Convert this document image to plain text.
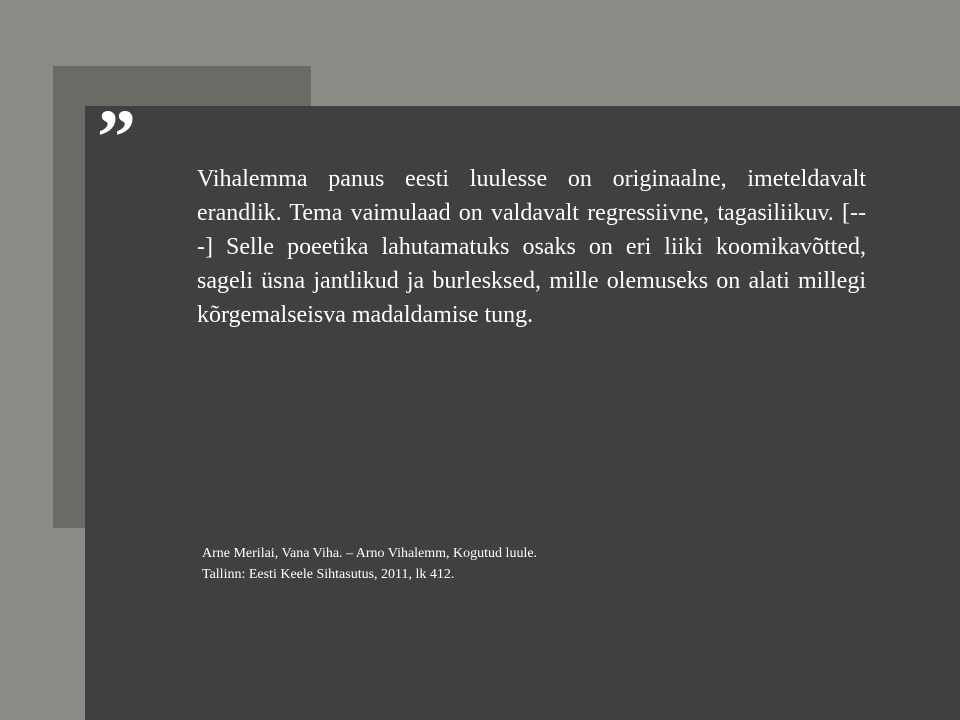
”	Vihalemma panus eesti luulesse on originaalne, imeteldavalt erandlik. Tema vaimulaad on valdavalt regressiivne, tagasiliikuv. [---] Selle poeetika lahutamatuks osaks on eri liiki koomikavõtted, sageli üsna jantlikud ja burlesksed, mille olemuseks on alati millegi kõrgemalseisva madaldamise tung.

Arne Merilai, Vana Viha. – Arno Vihalemm, Kogutud luule.
Tallinn: Eesti Keele Sihtasutus, 2011, lk 412.
